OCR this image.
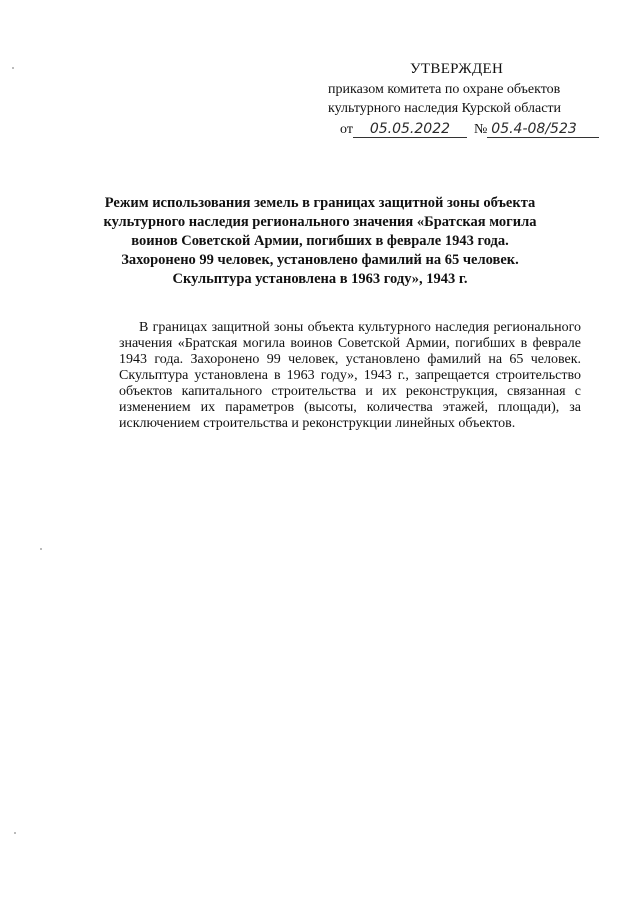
УТВЕРЖДЕН
приказом комитета по охране объектов
культурного наследия Курской области
от 05.05.2022 № 05.4-08/523
Режим использования земель в границах защитной зоны объекта
культурного наследия регионального значения «Братская могила
воинов Советской Армии, погибших в феврале 1943 года.
Захоронено 99 человек, установлено фамилий на 65 человек.
Скульптура установлена в 1963 году», 1943 г.

В границах защитной зоны объекта культурного наследия регионального значения «Братская могила воинов Советской Армии, погибших в феврале 1943 года. Захоронено 99 человек, установлено фамилий на 65 человек. Скульптура установлена в 1963 году», 1943 г., запрещается строительство объектов капитального строительства и их реконструкция, связанная с изменением их параметров (высоты, количества этажей, площади), за исключением строительства и реконструкции линейных объектов.
